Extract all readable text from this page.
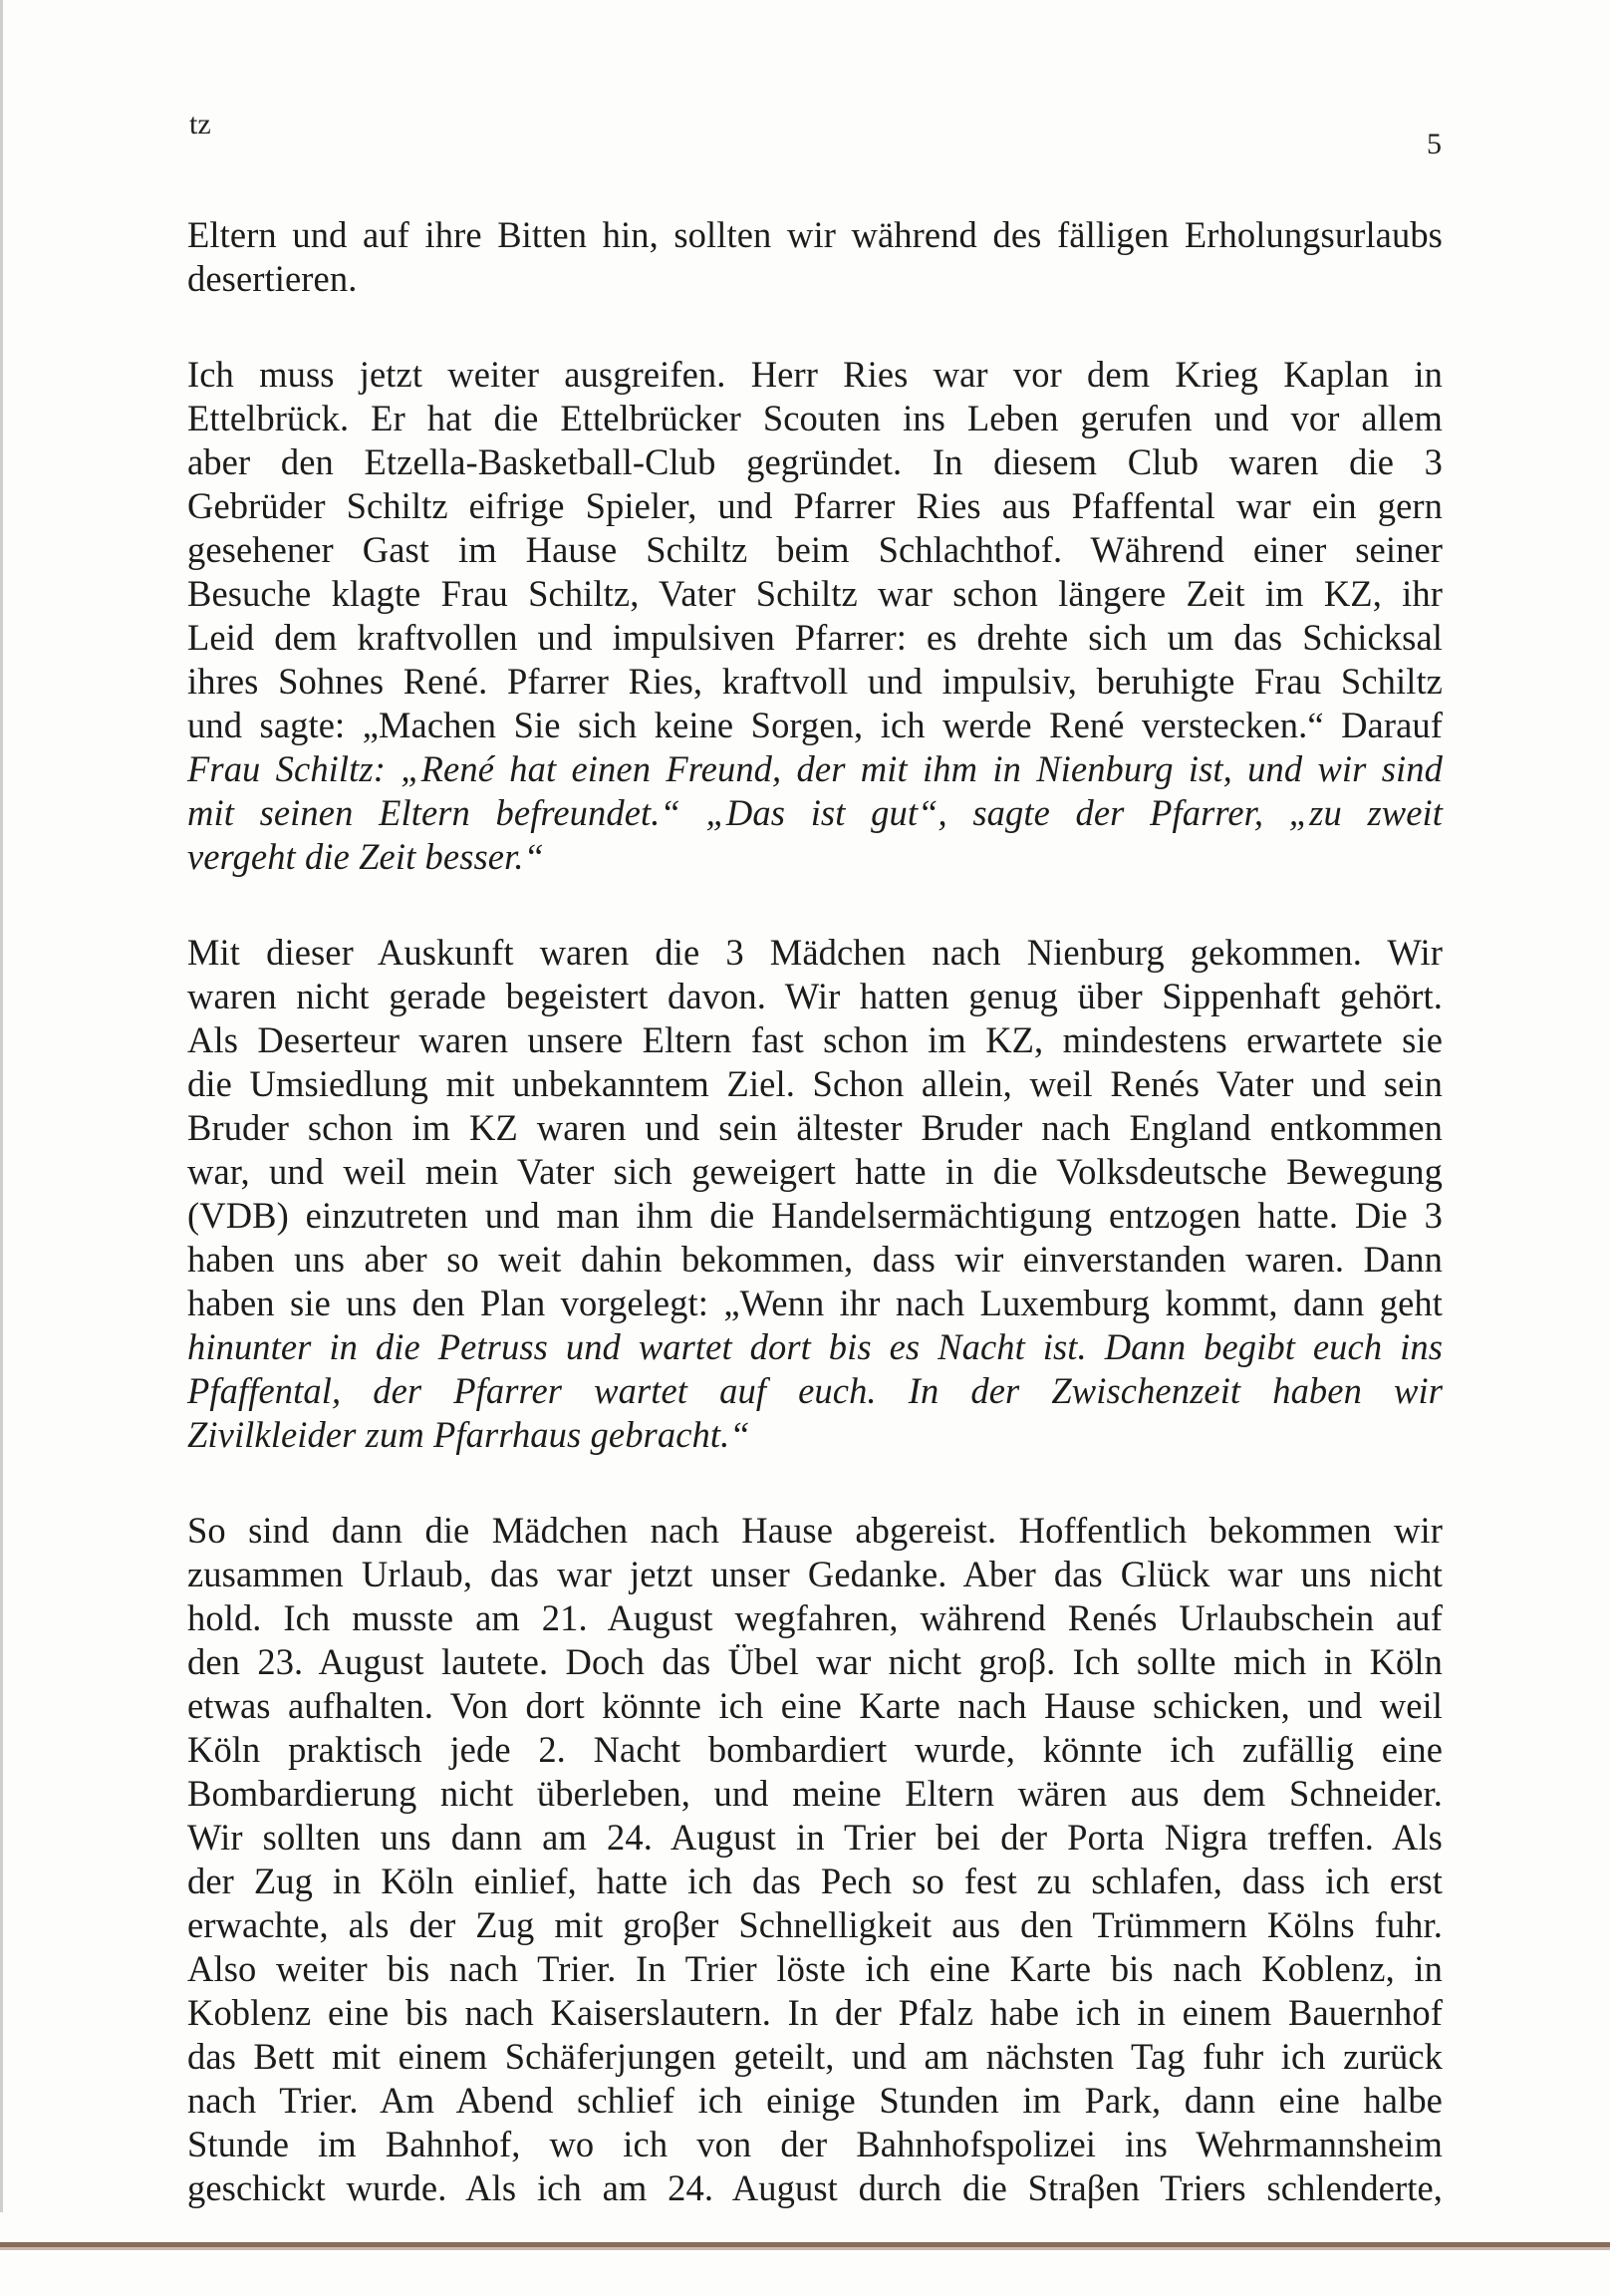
tz
5

Eltern und auf ihre Bitten hin, sollten wir während des fälligen Erholungsurlaubs
desertieren.

Ich muss jetzt weiter ausgreifen. Herr Ries war vor dem Krieg Kaplan in
Ettelbrück. Er hat die Ettelbrücker Scouten ins Leben gerufen und vor allem
aber den Etzella-Basketball-Club gegründet. In diesem Club waren die 3
Gebrüder Schiltz eifrige Spieler, und Pfarrer Ries aus Pfaffental war ein gern
gesehener Gast im Hause Schiltz beim Schlachthof. Während einer seiner
Besuche klagte Frau Schiltz, Vater Schiltz war schon längere Zeit im KZ, ihr
Leid dem kraftvollen und impulsiven Pfarrer: es drehte sich um das Schicksal
ihres Sohnes René. Pfarrer Ries, kraftvoll und impulsiv, beruhigte Frau Schiltz
und sagte: „Machen Sie sich keine Sorgen, ich werde René verstecken.“ Darauf
Frau Schiltz: „René hat einen Freund, der mit ihm in Nienburg ist, und wir sind
mit seinen Eltern befreundet.“ „Das ist gut“, sagte der Pfarrer, „zu zweit
vergeht die Zeit besser.“

Mit dieser Auskunft waren die 3 Mädchen nach Nienburg gekommen. Wir
waren nicht gerade begeistert davon. Wir hatten genug über Sippenhaft gehört.
Als Deserteur waren unsere Eltern fast schon im KZ, mindestens erwartete sie
die Umsiedlung mit unbekanntem Ziel. Schon allein, weil Renés Vater und sein
Bruder schon im KZ waren und sein ältester Bruder nach England entkommen
war, und weil mein Vater sich geweigert hatte in die Volksdeutsche Bewegung
(VDB) einzutreten und man ihm die Handelsermächtigung entzogen hatte. Die 3
haben uns aber so weit dahin bekommen, dass wir einverstanden waren. Dann
haben sie uns den Plan vorgelegt: „Wenn ihr nach Luxemburg kommt, dann geht
hinunter in die Petruss und wartet dort bis es Nacht ist. Dann begibt euch ins
Pfaffental, der Pfarrer wartet auf euch. In der Zwischenzeit haben wir
Zivilkleider zum Pfarrhaus gebracht.“

So sind dann die Mädchen nach Hause abgereist. Hoffentlich bekommen wir
zusammen Urlaub, das war jetzt unser Gedanke. Aber das Glück war uns nicht
hold. Ich musste am 21. August wegfahren, während Renés Urlaubschein auf
den 23. August lautete. Doch das Übel war nicht groβ. Ich sollte mich in Köln
etwas aufhalten. Von dort könnte ich eine Karte nach Hause schicken, und weil
Köln praktisch jede 2. Nacht bombardiert wurde, könnte ich zufällig eine
Bombardierung nicht überleben, und meine Eltern wären aus dem Schneider.
Wir sollten uns dann am 24. August in Trier bei der Porta Nigra treffen. Als
der Zug in Köln einlief, hatte ich das Pech so fest zu schlafen, dass ich erst
erwachte, als der Zug mit groβer Schnelligkeit aus den Trümmern Kölns fuhr.
Also weiter bis nach Trier. In Trier löste ich eine Karte bis nach Koblenz, in
Koblenz eine bis nach Kaiserslautern. In der Pfalz habe ich in einem Bauernhof
das Bett mit einem Schäferjungen geteilt, und am nächsten Tag fuhr ich zurück
nach Trier. Am Abend schlief ich einige Stunden im Park, dann eine halbe
Stunde im Bahnhof, wo ich von der Bahnhofspolizei ins Wehrmannsheim
geschickt wurde. Als ich am 24. August durch die Straβen Triers schlenderte,
